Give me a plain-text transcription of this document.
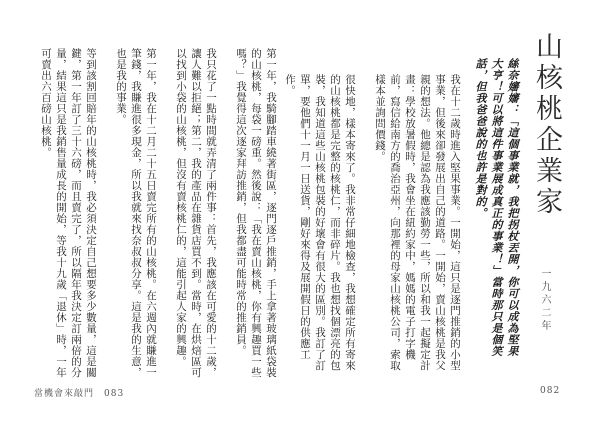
第一年，我騎腳踏車繞著街區，逐門逐戶推銷，手上拿著玻璃紙袋裝的山核桃，每袋一磅重。然後說：「我在賣山核桃，你有興趣買一些嗎？」我覺得這次逐家拜訪推銷，但我都盡可能時常的推銷員。

我只花了一點時間就弄清了兩件事：首先，我應該在可愛的十二歲，讓人難以拒絕；第二，我的產品在雜貨店買不到。當時，在烘焙區可以找到小袋的山核桃，但沒有賣核桃仁的，這能引起人家的興趣。

第一年，我在十二月二十五日賣完所有的山核桃。在六週內就賺進一筆錢，我賺進很多現金，所以我就來找奈叔叔分享。這是我的生意，也是我的事業。

等到該割回賠年的山核桃時，我必須決定自己想要多少數量，這是關鍵，第一年訂了三十六磅，而且賣完了，所以隔年我決定訂兩倍的分量，結果這只是我銷售量成長的開始，等我十九歲「退休」時，一年可賣出六百磅山核桃。

當機會來敲門　083
山核桃企業家
一九六二年
絲奈嬸嬸：「這個事業就，我把拐杖丟開，你可以成為堅果大亨！可以將這件事業展成真正的事業！」當時那只是個笑話，但我爸爸說的也許是對的。

我在十二歲時進入堅果事業。一開始，這只是逐門推銷的小型事業，但後來卻發展出自己的道路。一開始，賣山核桃是我父親的想法。他總是認為我應該勤勞一些，所以和我一起擬定計畫：學校放暑假時，我會坐在紐約家中，媽媽的電子打字機前，寫信給南方的喬治亞州，向那裡的母家山核桃公司，索取樣本並詢問價錢。

很快地，樣本寄來了。我非常仔細地檢查，我想確定所有寄來的山核桃都是完整的核桃仁，而非碎片。我也想找個漂亮的包裝，我知道這些山核桃包裝的好壞會有很大的區別。我訂了訂單，要他們十一月一日送貨，剛好來得及展開假日的供應工作。

082
